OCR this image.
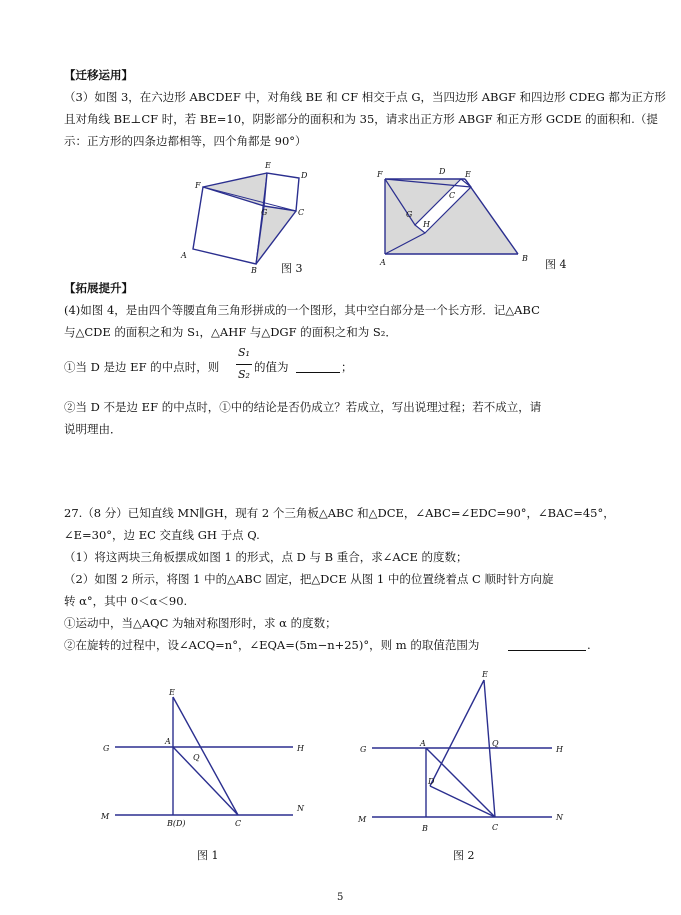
【迁移运用】
（3）如图 3，在六边形 ABCDEF 中，对角线 BE 和 CF 相交于点 G，当四边形 ABGF 和四边形 CDEG 都为正方形
且对角线 BE⊥CF 时，若 BE=10，阴影部分的面积和为 35，请求出正方形 ABGF 和正方形 GCDE 的面积和.（提
示：正方形的四条边都相等，四个角都是 90°）
E
D
F
G	C
A
B 图 3
F	D E
C
G
H
A	B 图 4
【拓展提升】
(4)如图 4，是由四个等腰直角三角形拼成的一个图形，其中空白部分是一个长方形．记△ABC
与△CDE 的面积之和为 S₁，△AHF 与△DGF 的面积之和为 S₂．
①当 D 是边 EF 的中点时，则
S₁
S₂
的值为	；
②当 D 不是边 EF 的中点时，①中的结论是否仍成立？若成立，写出说理过程；若不成立，请
说明理由．
27.（8 分）已知直线 MN∥GH，现有 2 个三角板△ABC 和△DCE，∠ABC=∠EDC=90°，∠BAC=45°，
∠E=30°，边 EC 交直线 GH 于点 Q.
（1）将这两块三角板摆成如图 1 的形式，点 D 与 B 重合，求∠ACE 的度数；
（2）如图 2 所示，将图 1 中的△ABC 固定，把△DCE 从图 1 中的位置绕着点 C 顺时针方向旋
转 α°，其中 0＜α＜90.
①运动中，当△AQC 为轴对称图形时，求 α 的度数；
②在旋转的过程中，设∠ACQ=n°，∠EQA=(5m−n+25)°，则 m 的取值范围为	.
E
G
A
Q
H
M
B(D)	C
N
图 1
E
A	Q
G	H
D
M
B	C
N
图 2
5
